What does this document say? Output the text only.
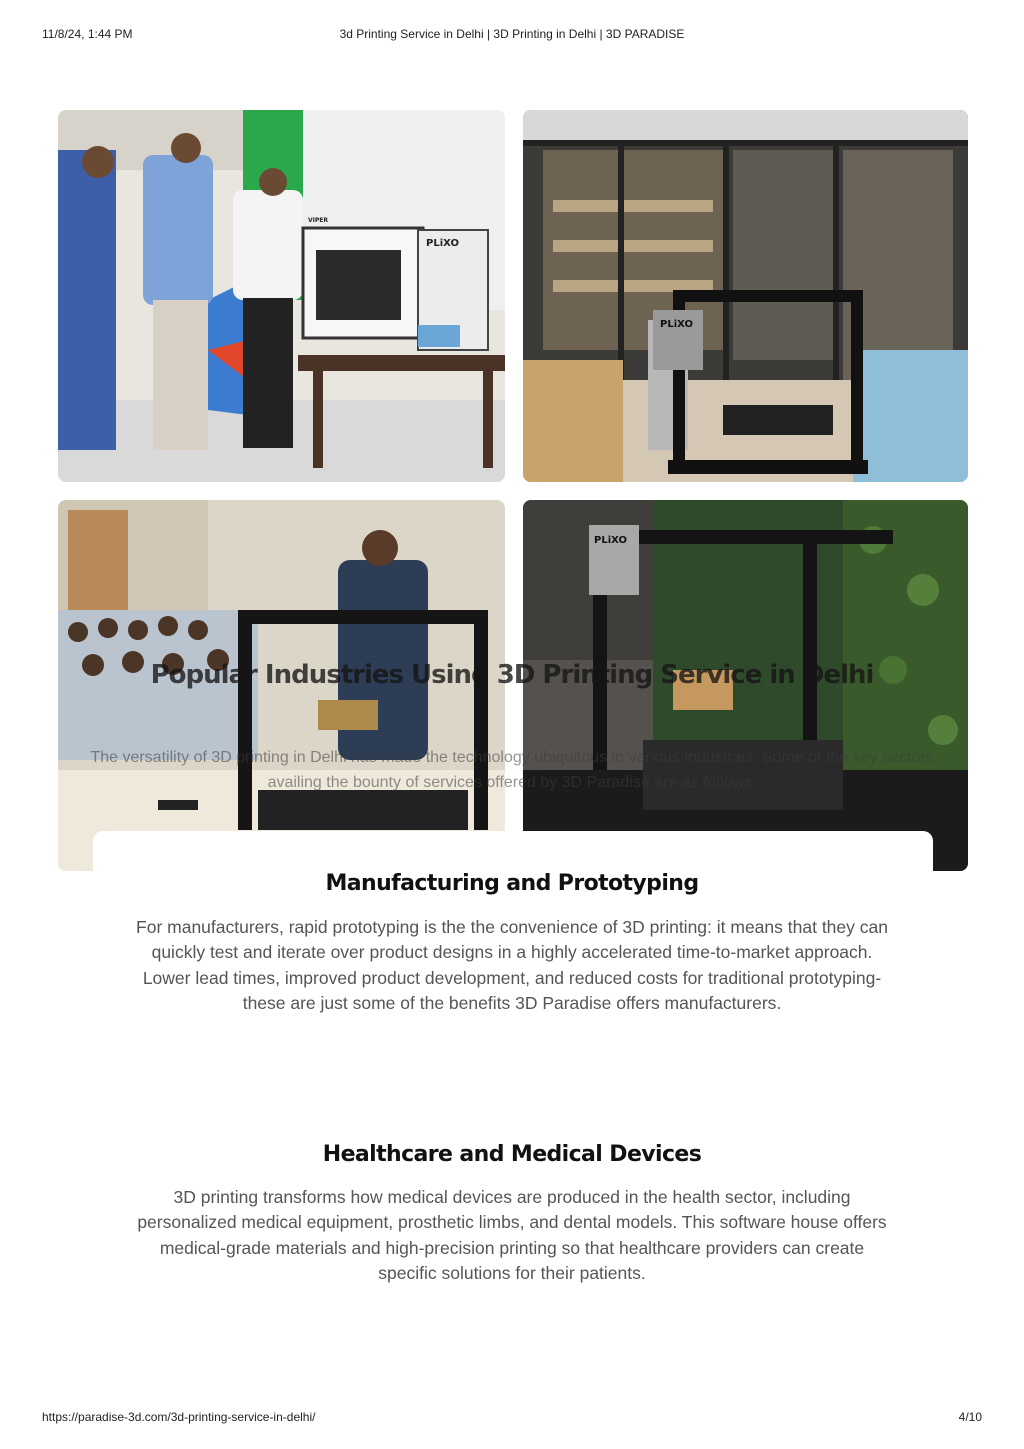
11/8/24, 1:44 PM	3d Printing Service in Delhi | 3D Printing in Delhi | 3D PARADISE
PLiXO
VIPER
PLiXO
PLiXO
Popular Industries Using 3D Printing Service in Delhi
The versatility of 3D printing in Delhi has made the technology ubiquitous in various industries. Some of the key sectors availing the bounty of services offered by 3D Paradise are as follows:
Manufacturing and Prototyping
For manufacturers, rapid prototyping is the the convenience of 3D printing: it means that they can quickly test and iterate over product designs in a highly accelerated time-to-market approach. Lower lead times, improved product development, and reduced costs for traditional prototyping-these are just some of the benefits 3D Paradise offers manufacturers.
Healthcare and Medical Devices
3D printing transforms how medical devices are produced in the health sector, including personalized medical equipment, prosthetic limbs, and dental models. This software house offers medical-grade materials and high-precision printing so that healthcare providers can create specific solutions for their patients.
https://paradise-3d.com/3d-printing-service-in-delhi/	4/10
